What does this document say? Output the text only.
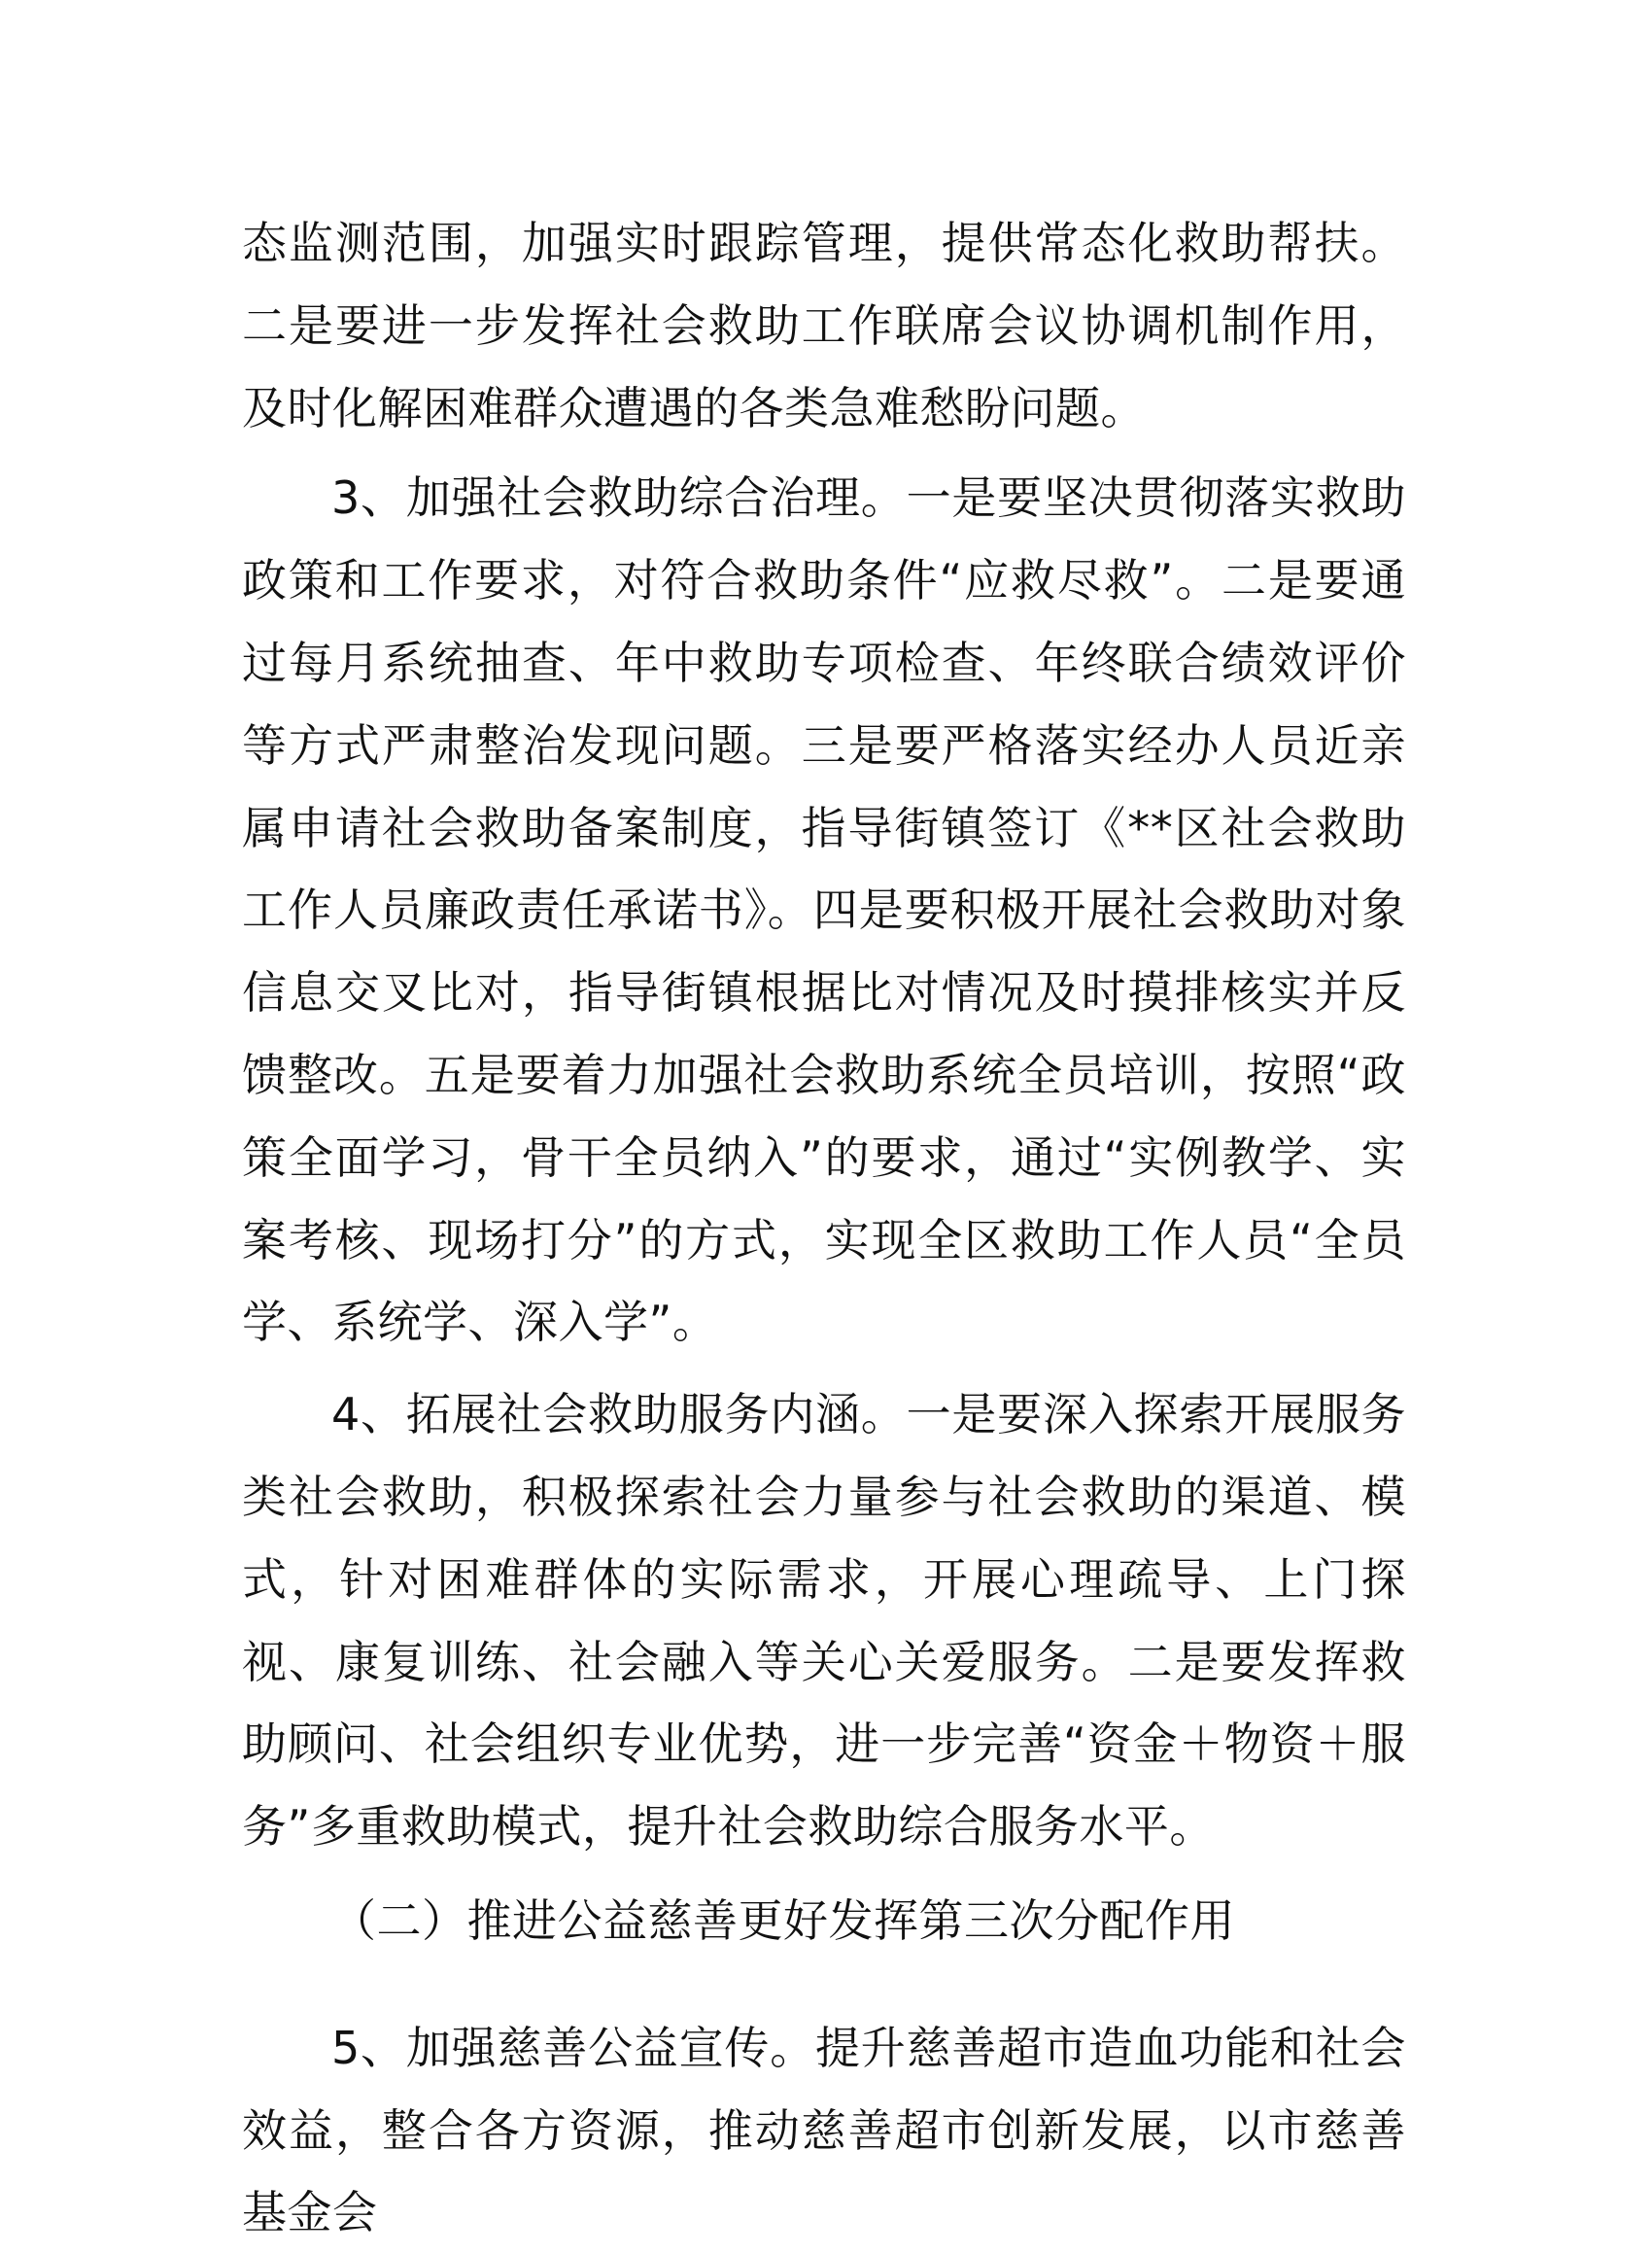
态监测范围，加强实时跟踪管理，提供常态化救助帮扶。二是要进一步发挥社会救助工作联席会议协调机制作用，及时化解困难群众遭遇的各类急难愁盼问题。

3、加强社会救助综合治理。一是要坚决贯彻落实救助政策和工作要求，对符合救助条件“应救尽救”。二是要通过每月系统抽查、年中救助专项检查、年终联合绩效评价等方式严肃整治发现问题。三是要严格落实经办人员近亲属申请社会救助备案制度，指导街镇签订《**区社会救助工作人员廉政责任承诺书》。四是要积极开展社会救助对象信息交叉比对，指导街镇根据比对情况及时摸排核实并反馈整改。五是要着力加强社会救助系统全员培训，按照“政策全面学习，骨干全员纳入”的要求，通过“实例教学、实案考核、现场打分”的方式，实现全区救助工作人员“全员学、系统学、深入学”。

4、拓展社会救助服务内涵。一是要深入探索开展服务类社会救助，积极探索社会力量参与社会救助的渠道、模式，针对困难群体的实际需求，开展心理疏导、上门探视、康复训练、社会融入等关心关爱服务。二是要发挥救助顾问、社会组织专业优势，进一步完善“资金＋物资＋服务”多重救助模式，提升社会救助综合服务水平。

（二）推进公益慈善更好发挥第三次分配作用

5、加强慈善公益宣传。提升慈善超市造血功能和社会效益，整合各方资源，推动慈善超市创新发展，以市慈善基金会
